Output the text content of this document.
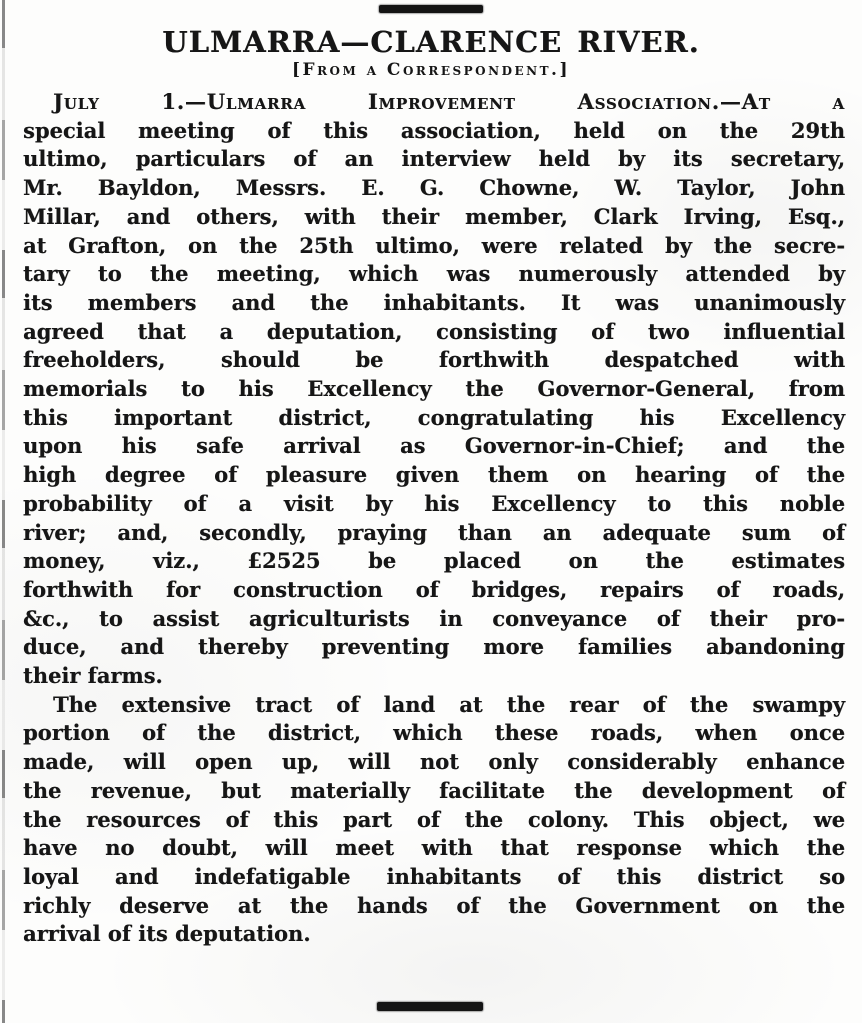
ULMARRA—CLARENCE RIVER.
[From a Correspondent.]
July 1.—Ulmarra Improvement Association.—At a
special meeting of this association, held on the 29th
ultimo, particulars of an interview held by its secretary,
Mr. Bayldon, Messrs. E. G. Chowne, W. Taylor, John
Millar, and others, with their member, Clark Irving, Esq.,
at Grafton, on the 25th ultimo, were related by the secre-
tary to the meeting, which was numerously attended by
its members and the inhabitants. It was unanimously
agreed that a deputation, consisting of two influential
freeholders, should be forthwith despatched with
memorials to his Excellency the Governor-General, from
this important district, congratulating his Excellency
upon his safe arrival as Governor-in-Chief; and the
high degree of pleasure given them on hearing of the
probability of a visit by his Excellency to this noble
river; and, secondly, praying than an adequate sum of
money, viz., £2525 be placed on the estimates
forthwith for construction of bridges, repairs of roads,
&c., to assist agriculturists in conveyance of their pro-
duce, and thereby preventing more families abandoning
their farms.
The extensive tract of land at the rear of the swampy
portion of the district, which these roads, when once
made, will open up, will not only considerably enhance
the revenue, but materially facilitate the development of
the resources of this part of the colony. This object, we
have no doubt, will meet with that response which the
loyal and indefatigable inhabitants of this district so
richly deserve at the hands of the Government on the
arrival of its deputation.
